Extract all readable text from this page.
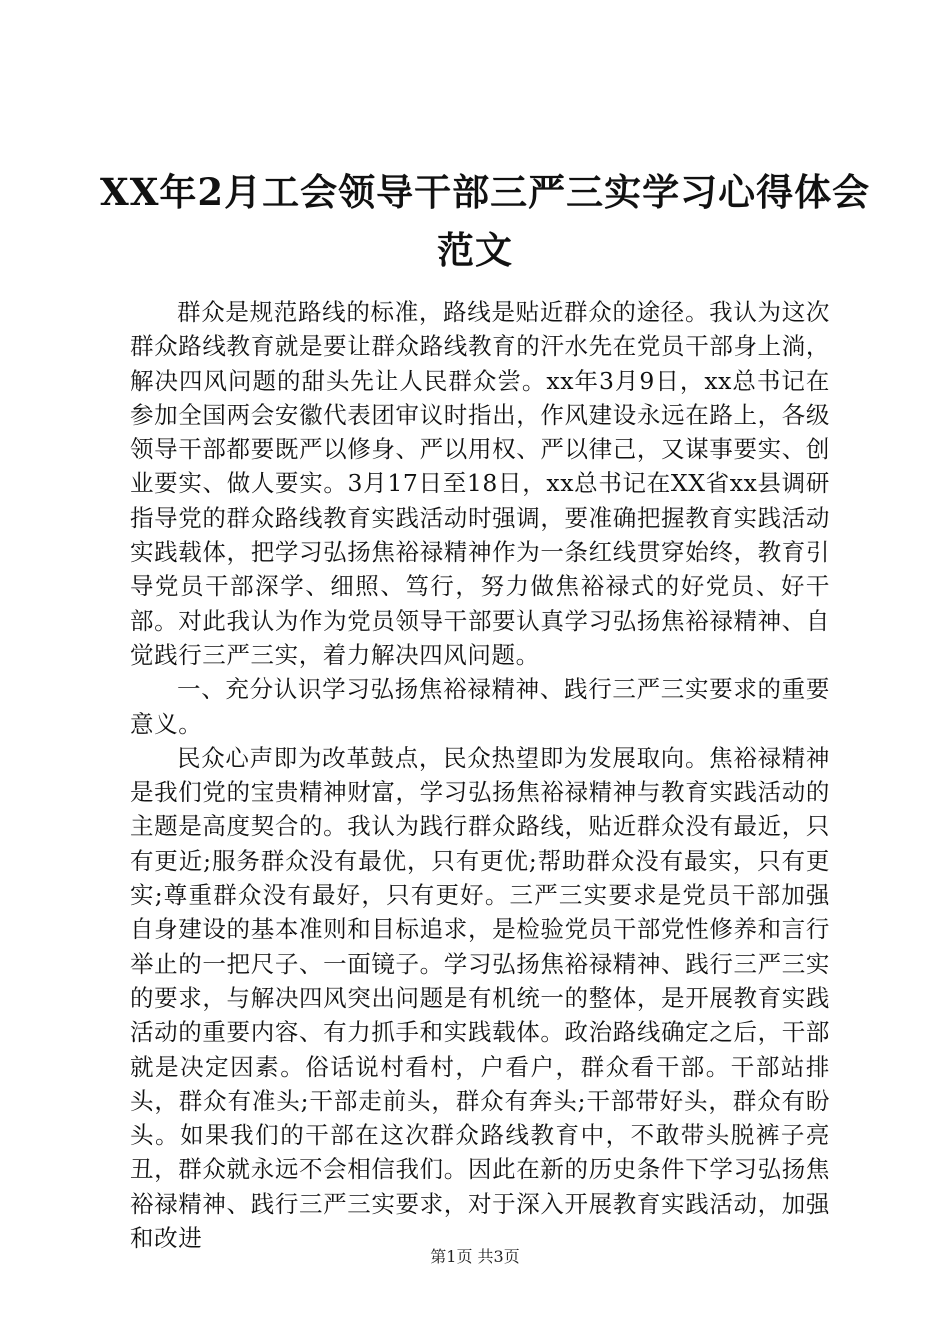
XX年2月工会领导干部三严三实学习心得体会
范文

群众是规范路线的标准，路线是贴近群众的途径。我认为这次群众路线教育就是要让群众路线教育的汗水先在党员干部身上淌，解决四风问题的甜头先让人民群众尝。xx年3月9日，xx总书记在参加全国两会安徽代表团审议时指出，作风建设永远在路上，各级领导干部都要既严以修身、严以用权、严以律己，又谋事要实、创业要实、做人要实。3月17日至18日，xx总书记在XX省xx县调研指导党的群众路线教育实践活动时强调，要准确把握教育实践活动实践载体，把学习弘扬焦裕禄精神作为一条红线贯穿始终，教育引导党员干部深学、细照、笃行，努力做焦裕禄式的好党员、好干部。对此我认为作为党员领导干部要认真学习弘扬焦裕禄精神、自觉践行三严三实，着力解决四风问题。

一、充分认识学习弘扬焦裕禄精神、践行三严三实要求的重要意义。

民众心声即为改革鼓点，民众热望即为发展取向。焦裕禄精神是我们党的宝贵精神财富，学习弘扬焦裕禄精神与教育实践活动的主题是高度契合的。我认为践行群众路线，贴近群众没有最近，只有更近;服务群众没有最优，只有更优;帮助群众没有最实，只有更实;尊重群众没有最好，只有更好。三严三实要求是党员干部加强自身建设的基本准则和目标追求，是检验党员干部党性修养和言行举止的一把尺子、一面镜子。学习弘扬焦裕禄精神、践行三严三实的要求，与解决四风突出问题是有机统一的整体，是开展教育实践活动的重要内容、有力抓手和实践载体。政治路线确定之后，干部就是决定因素。俗话说村看村，户看户，群众看干部。干部站排头，群众有准头;干部走前头，群众有奔头;干部带好头，群众有盼头。如果我们的干部在这次群众路线教育中，不敢带头脱裤子亮丑，群众就永远不会相信我们。因此在新的历史条件下学习弘扬焦裕禄精神、践行三严三实要求，对于深入开展教育实践活动，加强和改进

第1页 共3页
